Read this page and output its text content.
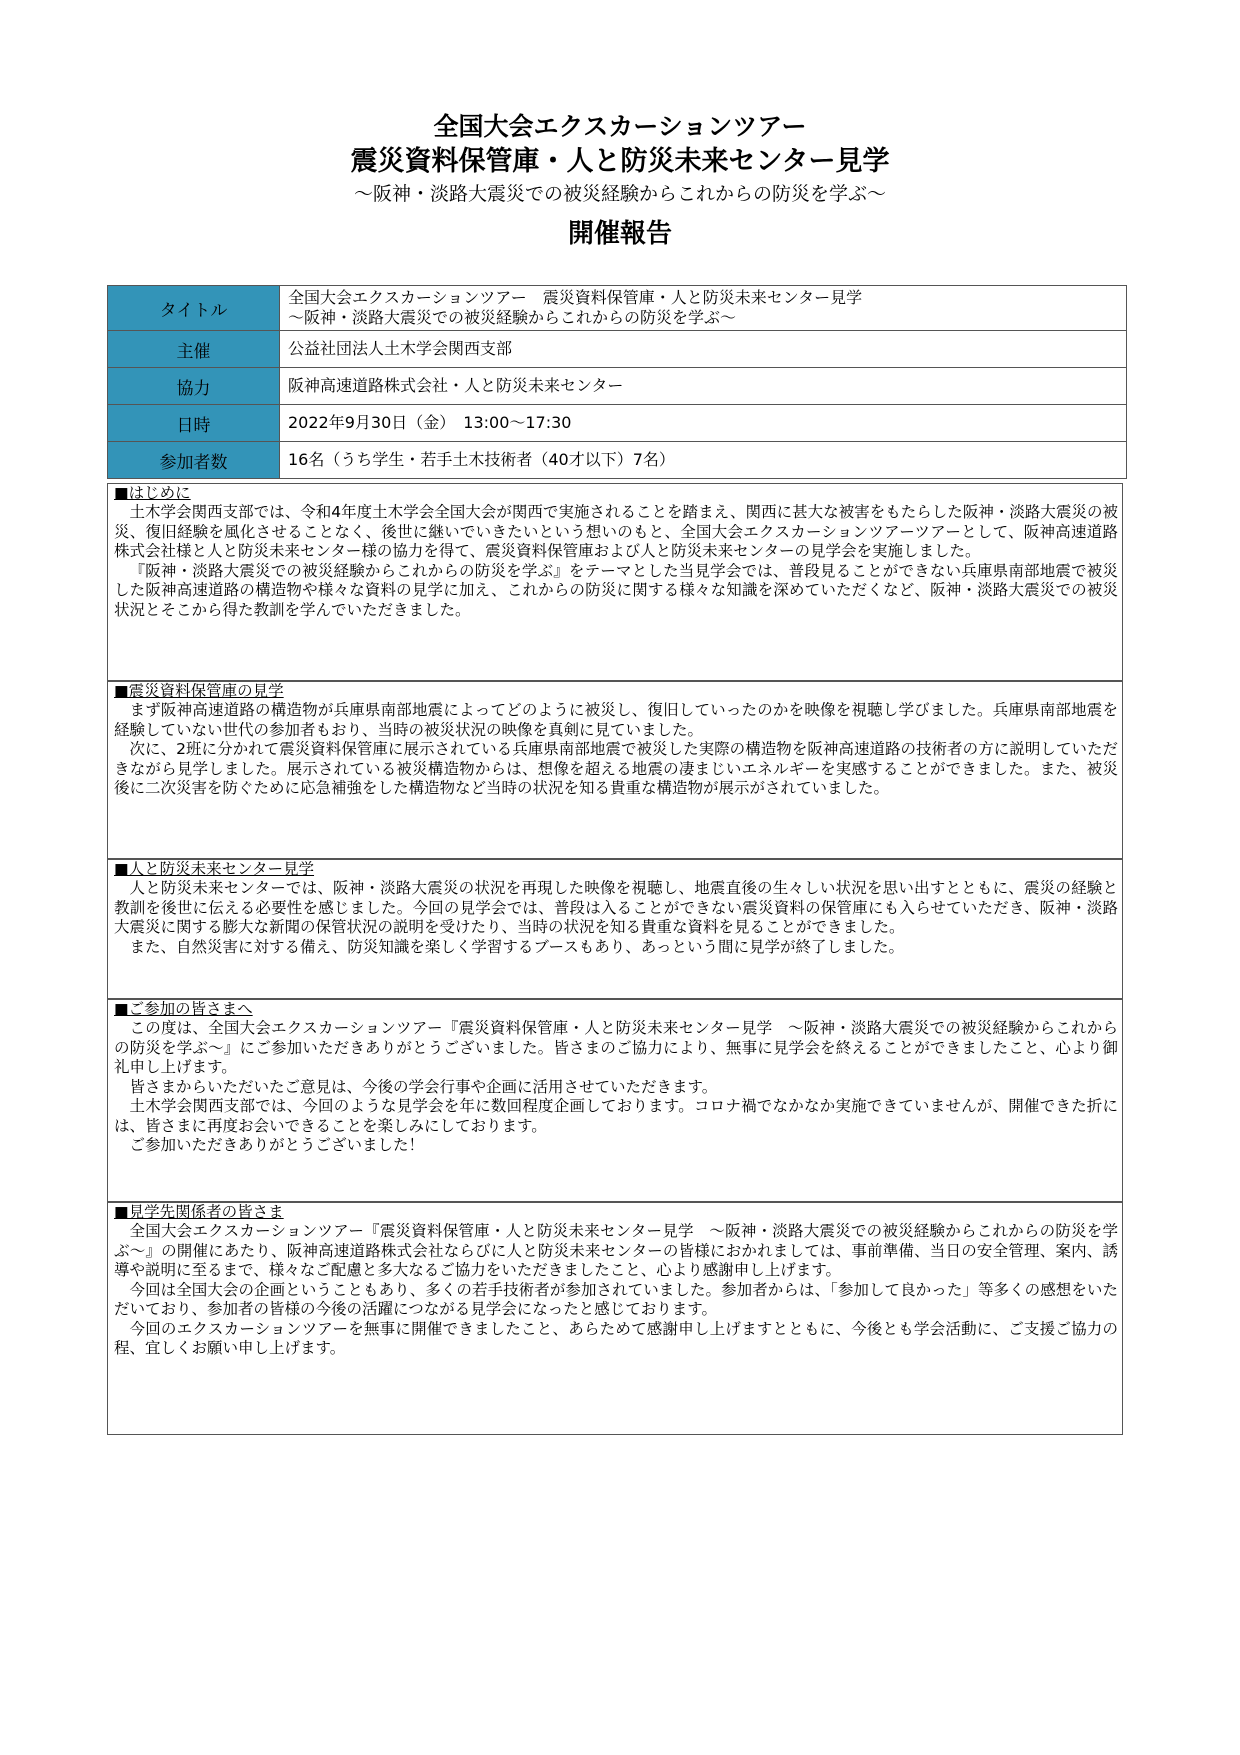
全国大会エクスカーションツアー
震災資料保管庫・人と防災未来センター見学
～阪神・淡路大震災での被災経験からこれからの防災を学ぶ～
開催報告
タイトル	全国大会エクスカーションツアー　震災資料保管庫・人と防災未来センター見学
～阪神・淡路大震災での被災経験からこれからの防災を学ぶ～

主催	公益社団法人土木学会関西支部
協力	阪神高速道路株式会社・人と防災未来センター
日時	2022年9月30日（金）　13:00～17:30
参加者数	16名（うち学生・若手土木技術者（40才以下）7名）
■はじめに

土木学会関西支部では、令和4年度土木学会全国大会が関西で実施されることを踏まえ、関西に甚大な被害をもたらした阪神・淡路大震災の被災、復旧経験を風化させることなく、後世に継いでいきたいという想いのもと、全国大会エクスカーションツアーツアーとして、阪神高速道路株式会社様と人と防災未来センター様の協力を得て、震災資料保管庫および人と防災未来センターの見学会を実施しました。

『阪神・淡路大震災での被災経験からこれからの防災を学ぶ』をテーマとした当見学会では、普段見ることができない兵庫県南部地震で被災した阪神高速道路の構造物や様々な資料の見学に加え、これからの防災に関する様々な知識を深めていただくなど、阪神・淡路大震災での被災状況とそこから得た教訓を学んでいただきました。

■震災資料保管庫の見学

まず阪神高速道路の構造物が兵庫県南部地震によってどのように被災し、復旧していったのかを映像を視聴し学びました。兵庫県南部地震を経験していない世代の参加者もおり、当時の被災状況の映像を真剣に見ていました。

次に、2班に分かれて震災資料保管庫に展示されている兵庫県南部地震で被災した実際の構造物を阪神高速道路の技術者の方に説明していただきながら見学しました。展示されている被災構造物からは、想像を超える地震の凄まじいエネルギーを実感することができました。また、被災後に二次災害を防ぐために応急補強をした構造物など当時の状況を知る貴重な構造物が展示がされていました。

■人と防災未来センター見学

人と防災未来センターでは、阪神・淡路大震災の状況を再現した映像を視聴し、地震直後の生々しい状況を思い出すとともに、震災の経験と教訓を後世に伝える必要性を感じました。今回の見学会では、普段は入ることができない震災資料の保管庫にも入らせていただき、阪神・淡路大震災に関する膨大な新聞の保管状況の説明を受けたり、当時の状況を知る貴重な資料を見ることができました。

また、自然災害に対する備え、防災知識を楽しく学習するブースもあり、あっという間に見学が終了しました。

■ご参加の皆さまへ

この度は、全国大会エクスカーションツアー『震災資料保管庫・人と防災未来センター見学　～阪神・淡路大震災での被災経験からこれからの防災を学ぶ～』にご参加いただきありがとうございました。皆さまのご協力により、無事に見学会を終えることができましたこと、心より御礼申し上げます。

皆さまからいただいたご意見は、今後の学会行事や企画に活用させていただきます。

土木学会関西支部では、今回のような見学会を年に数回程度企画しております。コロナ禍でなかなか実施できていませんが、開催できた折には、皆さまに再度お会いできることを楽しみにしております。

ご参加いただきありがとうございました！

■見学先関係者の皆さま

全国大会エクスカーションツアー『震災資料保管庫・人と防災未来センター見学　～阪神・淡路大震災での被災経験からこれからの防災を学ぶ～』の開催にあたり、阪神高速道路株式会社ならびに人と防災未来センターの皆様におかれましては、事前準備、当日の安全管理、案内、誘導や説明に至るまで、様々なご配慮と多大なるご協力をいただきましたこと、心より感謝申し上げます。

今回は全国大会の企画ということもあり、多くの若手技術者が参加されていました。参加者からは、「参加して良かった」等多くの感想をいただいており、参加者の皆様の今後の活躍につながる見学会になったと感じております。

今回のエクスカーションツアーを無事に開催できましたこと、あらためて感謝申し上げますとともに、今後とも学会活動に、ご支援ご協力の程、宜しくお願い申し上げます。
